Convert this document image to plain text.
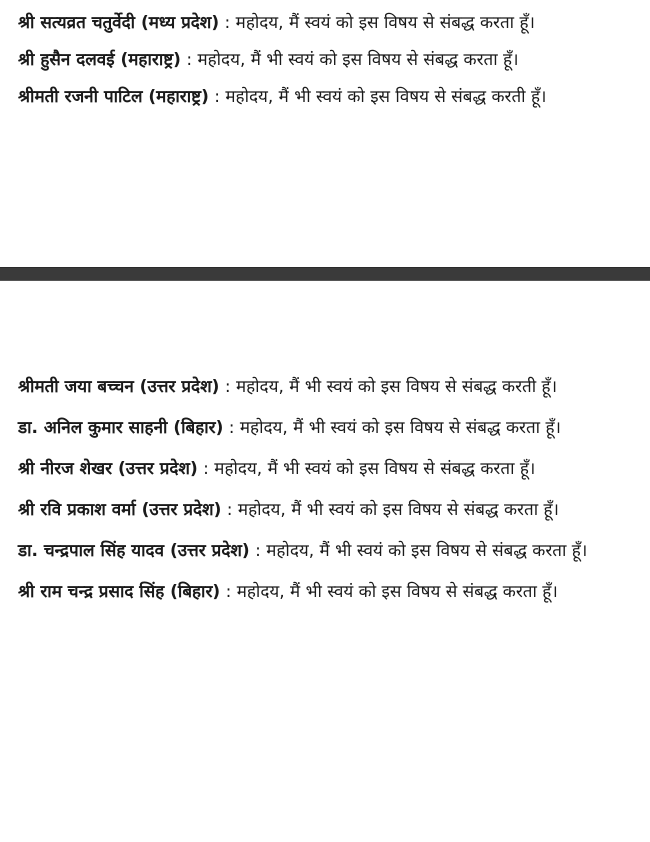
श्री सत्यव्रत चतुर्वेदी (मध्य प्रदेश) : महोदय, मैं स्वयं को इस विषय से संबद्ध करता हूँ।

श्री हुसैन दलवई (महाराष्ट्र) : महोदय, मैं भी स्वयं को इस विषय से संबद्ध करता हूँ।

श्रीमती रजनी पाटिल (महाराष्ट्र) : महोदय, मैं भी स्वयं को इस विषय से संबद्ध करती हूँ।

श्रीमती जया बच्चन (उत्तर प्रदेश) : महोदय, मैं भी स्वयं को इस विषय से संबद्ध करती हूँ।

डा. अनिल कुमार साहनी (बिहार) : महोदय, मैं भी स्वयं को इस विषय से संबद्ध करता हूँ।

श्री नीरज शेखर (उत्तर प्रदेश) : महोदय, मैं भी स्वयं को इस विषय से संबद्ध करता हूँ।

श्री रवि प्रकाश वर्मा (उत्तर प्रदेश) : महोदय, मैं भी स्वयं को इस विषय से संबद्ध करता हूँ।

डा. चन्द्रपाल सिंह यादव (उत्तर प्रदेश) : महोदय, मैं भी स्वयं को इस विषय से संबद्ध करता हूँ।

श्री राम चन्द्र प्रसाद सिंह (बिहार) : महोदय, मैं भी स्वयं को इस विषय से संबद्ध करता हूँ।
